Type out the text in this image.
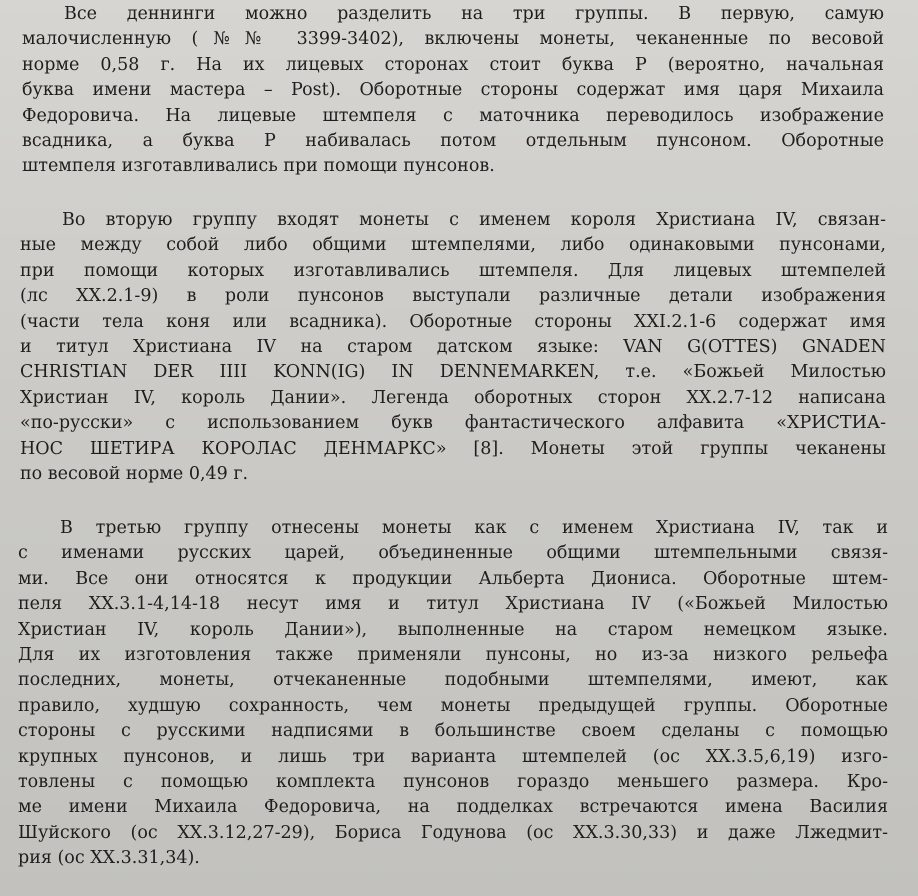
Все деннинги можно разделить на три группы. В первую, самую
малочисленную (№№ 3399-3402), включены монеты, чеканенные по весовой
норме 0,58 г. На их лицевых сторонах стоит буква Р (вероятно, начальная
буква имени мастера – Post). Оборотные стороны содержат имя царя Михаила
Федоровича. На лицевые штемпеля с маточника переводилось изображение
всадника, а буква Р набивалась потом отдельным пунсоном. Оборотные
штемпеля изготавливались при помощи пунсонов.

Во вторую группу входят монеты с именем короля Христиана IV, связан-
ные между собой либо общими штемпелями, либо одинаковыми пунсонами,
при помощи которых изготавливались штемпеля. Для лицевых штемпелей
(лс XX.2.1-9) в роли пунсонов выступали различные детали изображения
(части тела коня или всадника). Оборотные стороны XXI.2.1-6 содержат имя
и титул Христиана IV на старом датском языке: VAN G(OTTES) GNADEN
CHRISTIAN DER IIII KONN(IG) IN DENNEMARKEN, т.е. «Божьей Милостью
Христиан IV, король Дании». Легенда оборотных сторон XX.2.7-12 написана
«по-русски» с использованием букв фантастического алфавита «ХРИСТИА-
НОС ШЕТИРА КОРОЛАС ДЕНМАРКС» [8]. Монеты этой группы чеканены
по весовой норме 0,49 г.

В третью группу отнесены монеты как с именем Христиана IV, так и
с именами русских царей, объединенные общими штемпельными связя-
ми. Все они относятся к продукции Альберта Диониса. Оборотные штем-
пеля XX.3.1-4,14-18 несут имя и титул Христиана IV («Божьей Милостью
Христиан IV, король Дании»), выполненные на старом немецком языке.
Для их изготовления также применяли пунсоны, но из-за низкого рельефа
последних, монеты, отчеканенные подобными штемпелями, имеют, как
правило, худшую сохранность, чем монеты предыдущей группы. Оборотные
стороны с русскими надписями в большинстве своем сделаны с помощью
крупных пунсонов, и лишь три варианта штемпелей (ос XX.3.5,6,19) изго-
товлены с помощью комплекта пунсонов гораздо меньшего размера. Кро-
ме имени Михаила Федоровича, на подделках встречаются имена Василия
Шуйского (ос XX.3.12,27-29), Бориса Годунова (ос XX.3.30,33) и даже Лжедмит-
рия (ос XX.3.31,34).
